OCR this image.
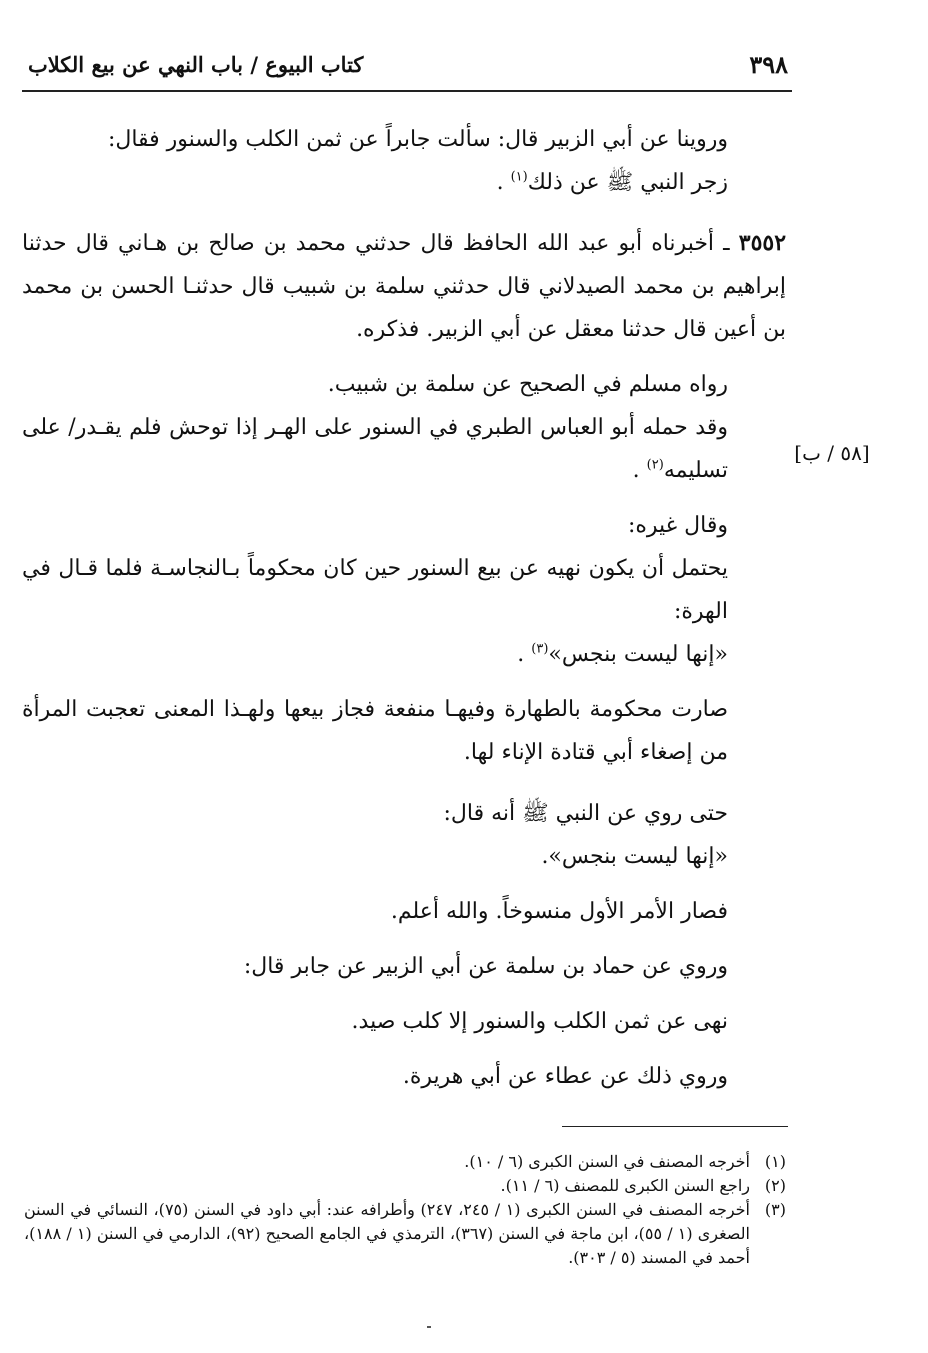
كتاب البيوع / باب النهي عن بيع الكلاب	٣٩٨
[٥٨ / ب]

وروينا عن أبي الزبير قال: سألت جابراً عن ثمن الكلب والسنور فقال:

زجر النبي ﷺ عن ذلك$^{(١)}$ .

٣٥٥٢ ـ أخبرناه أبو عبد الله الحافظ قال حدثني محمد بن صالح بن هـاني قال حدثنا إبراهيم بن محمد الصيدلاني قال حدثني سلمة بن شبيب قال حدثنـا الحسن بن محمد بن أعين قال حدثنا معقل عن أبي الزبير. فذكره.

رواه مسلم في الصحيح عن سلمة بن شبيب.

وقد حمله أبو العباس الطبري في السنور على الهـر إذا توحش فلم يقـدر/ على تسليمه$^{(٢)}$ .

وقال غيره:

يحتمل أن يكون نهيه عن بيع السنور حين كان محكوماً بـالنجاسـة فلما قـال في الهرة:

«إنها ليست بنجس»$^{(٣)}$ .

صارت محكومة بالطهارة وفيهـا منفعة فجاز بيعها ولهـذا المعنى تعجبت المرأة من إصغاء أبي قتادة الإناء لها.

حتى روي عن النبي ﷺ أنه قال:

«إنها ليست بنجس».

فصار الأمر الأول منسوخاً. والله أعلم.

وروي عن حماد بن سلمة عن أبي الزبير عن جابر قال:

نهى عن ثمن الكلب والسنور إلا كلب صيد.

وروي ذلك عن عطاء عن أبي هريرة.

(١)
أخرجه المصنف في السنن الكبرى (٦ / ١٠).
(٢)
راجع السنن الكبرى للمصنف (٦ / ١١).
(٣)
أخرجه المصنف في السنن الكبرى (١ / ٢٤٥، ٢٤٧) وأطرافه عند: أبي داود في السنن (٧٥)، النسائي في السنن الصغرى (١ / ٥٥)، ابن ماجة في السنن (٣٦٧)، الترمذي في الجامع الصحيح (٩٢)، الدارمي في السنن (١ / ١٨٨)، أحمد في المسند (٥ / ٣٠٣).
